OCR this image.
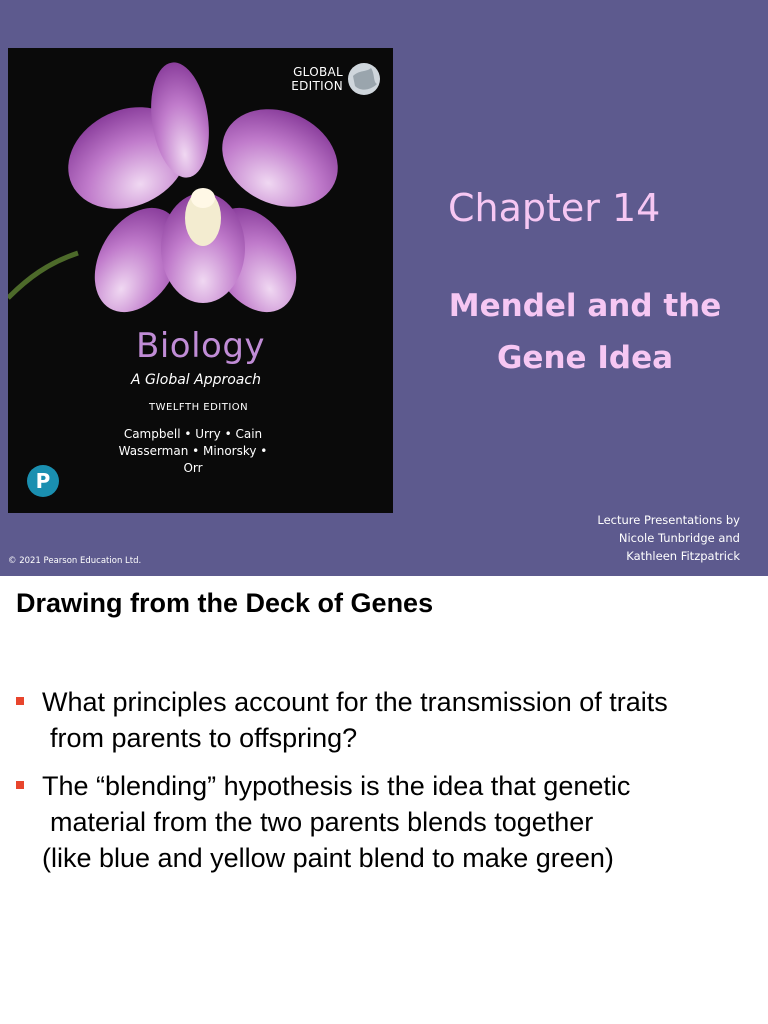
GLOBAL
EDITION
Biology
A Global Approach
TWELFTH EDITION
Campbell • Urry • Cain
Wasserman • Minorsky • Orr
P
Chapter 14
Mendel and the
Gene Idea
Lecture Presentations by
Nicole Tunbridge and
Kathleen Fitzpatrick
© 2021 Pearson Education Ltd.
Drawing from the Deck of Genes
What principles account for the transmission of traits
from parents to offspring?
The “blending” hypothesis is the idea that genetic
material from the two parents blends together
(like blue and yellow paint blend to make green)
